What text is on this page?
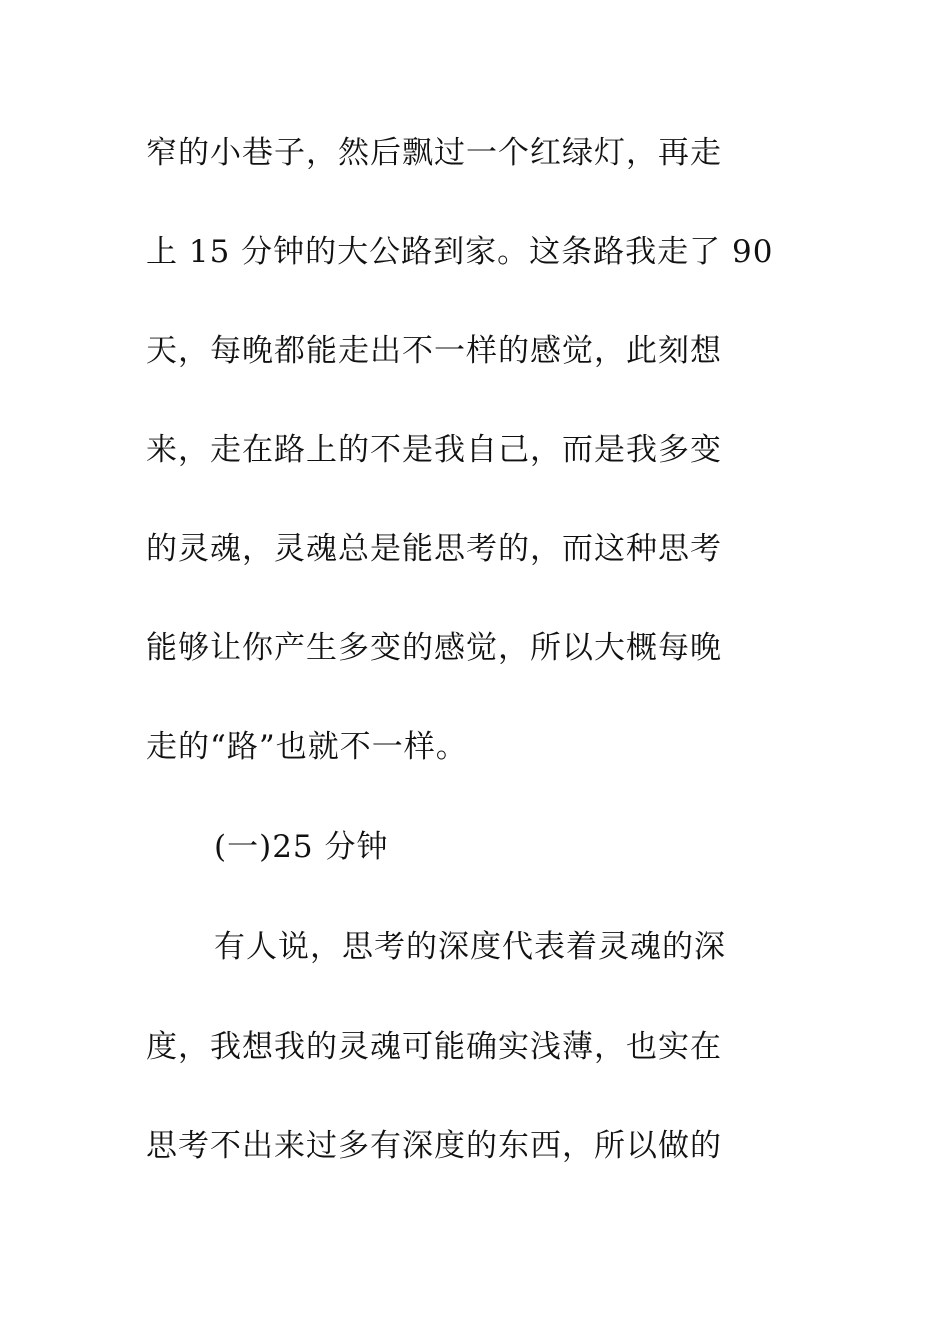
窄的小巷子，然后飘过一个红绿灯，再走
上 15 分钟的大公路到家。这条路我走了 90
天，每晚都能走出不一样的感觉，此刻想
来，走在路上的不是我自己，而是我多变
的灵魂，灵魂总是能思考的，而这种思考
能够让你产生多变的感觉，所以大概每晚
走的“路”也就不一样。
(一)25 分钟
有人说，思考的深度代表着灵魂的深
度，我想我的灵魂可能确实浅薄，也实在
思考不出来过多有深度的东西，所以做的
